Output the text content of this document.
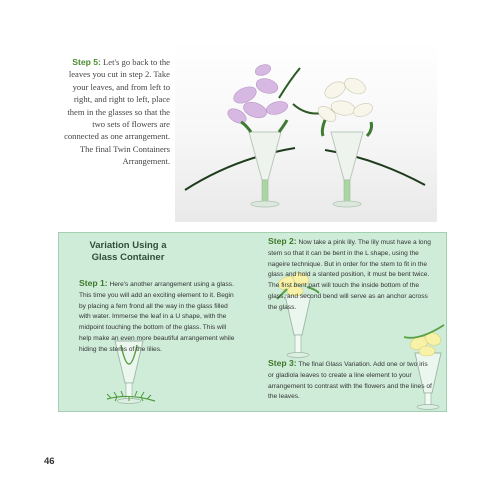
Step 5: Let's go back to the leaves you cut in step 2. Take your leaves, and from left to right, and right to left, place them in the glasses so that the two sets of flowers are connected as one arrangement. The final Twin Containers Arrangement.
Variation Using a Glass Container
Step 1: Here's another arrangement using a glass. This time you will add an exciting element to it. Begin by placing a fern frond all the way in the glass filled with water. Immerse the leaf in a U shape, with the midpoint touching the bottom of the glass. This will help make an even more beautiful arrangement while hiding the stems of the lilies.
Step 2: Now take a pink lily. The lily must have a long stem so that it can be bent in the L shape, using the nageire technique. But in order for the stem to fit in the glass and hold a slanted position, it must be bent twice. The first bent part will touch the inside bottom of the glass, and second bend will serve as an anchor across the glass.
Step 3: The final Glass Variation. Add one or two iris or gladiola leaves to create a line element to your arrangement to contrast with the flowers and the lines of the leaves.
46
